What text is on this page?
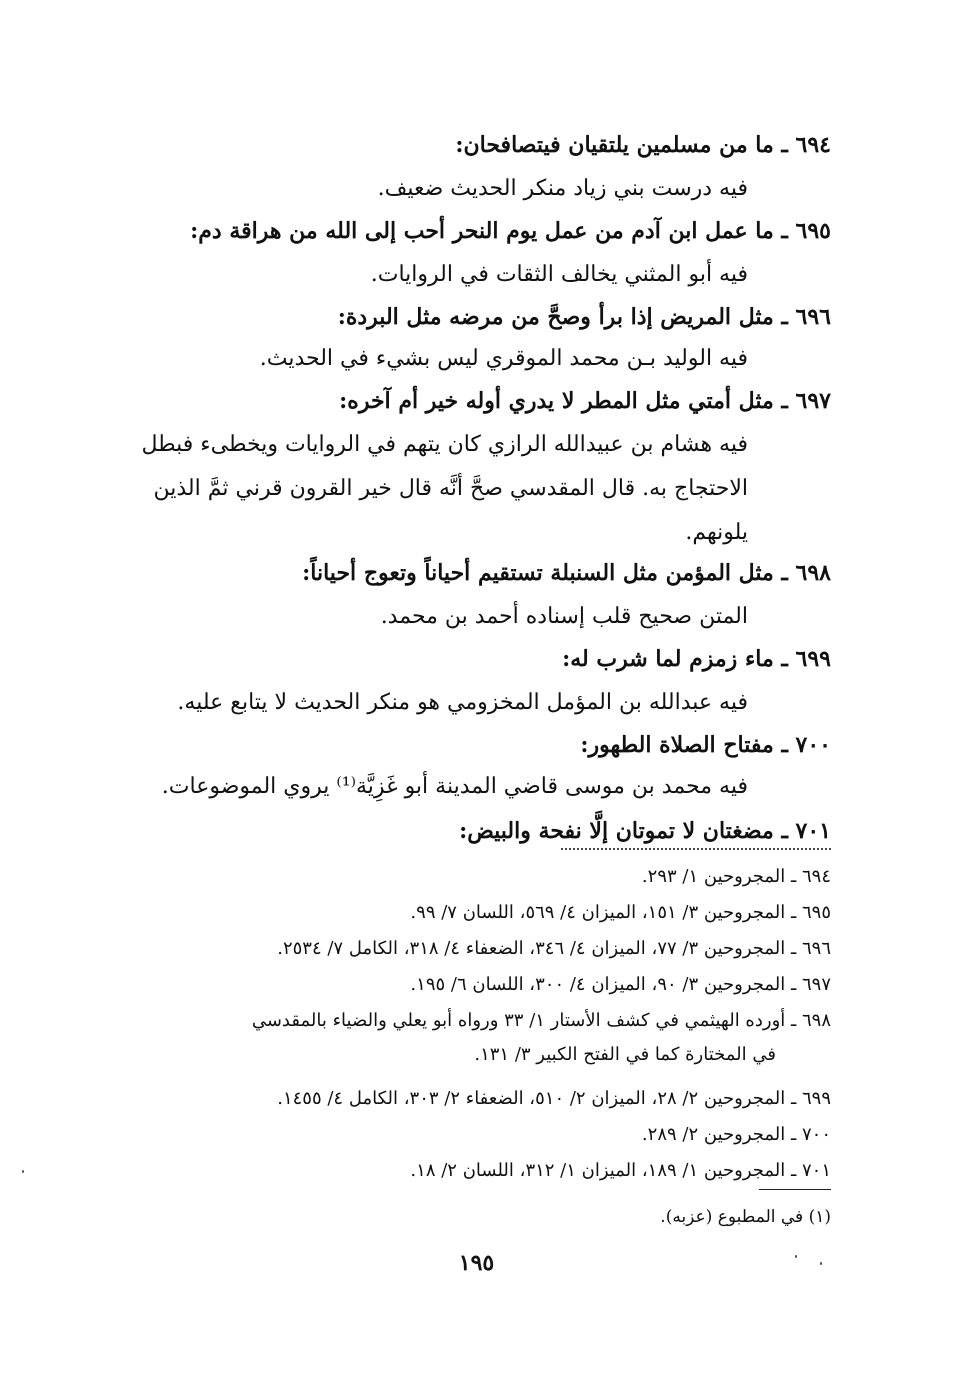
٦٩٤ ـ ما من مسلمين يلتقيان فيتصافحان:
فيه درست بني زياد منكر الحديث ضعيف.
٦٩٥ ـ ما عمل ابن آدم من عمل يوم النحر أحب إلى الله من هراقة دم:
فيه أبو المثني يخالف الثقات في الروايات.
٦٩٦ ـ مثل المريض إذا برأ وصحَّ من مرضه مثل البردة:
فيه الوليد بـن محمد الموقري ليس بشيء في الحديث.
٦٩٧ ـ مثل أمتي مثل المطر لا يدري أوله خير أم آخره:
فيه هشام بن عبيدالله الرازي كان يتهم في الروايات ويخطىء فبطل
الاحتجاج به. قال المقدسي صحَّ أنَّه قال خير القرون قرني ثمَّ الذين
يلونهم.
٦٩٨ ـ مثل المؤمن مثل السنبلة تستقيم أحياناً وتعوج أحياناً:
المتن صحيح قلب إسناده أحمد بن محمد.
٦٩٩ ـ ماء زمزم لما شرب له:
فيه عبدالله بن المؤمل المخزومي هو منكر الحديث لا يتابع عليه.
٧٠٠ ـ مفتاح الصلاة الطهور:
فيه محمد بن موسى قاضي المدينة أبو غَزِيَّة⁽¹⁾ يروي الموضوعات.
٧٠١ ـ مضغتان لا تموتان إلَّا نفحة والبيض:
٦٩٤ ـ المجروحين ١/ ٢٩٣.
٦٩٥ ـ المجروحين ٣/ ١٥١، الميزان ٤/ ٥٦٩، اللسان ٧/ ٩٩.
٦٩٦ ـ المجروحين ٣/ ٧٧، الميزان ٤/ ٣٤٦، الضعفاء ٤/ ٣١٨، الكامل ٧/ ٢٥٣٤.
٦٩٧ ـ المجروحين ٣/ ٩٠، الميزان ٤/ ٣٠٠، اللسان ٦/ ١٩٥.
٦٩٨ ـ أورده الهيثمي في كشف الأستار ١/ ٣٣ ورواه أبو يعلي والضياء بالمقدسي
في المختارة كما في الفتح الكبير ٣/ ١٣١.
٦٩٩ ـ المجروحين ٢/ ٢٨، الميزان ٢/ ٥١٠، الضعفاء ٢/ ٣٠٣، الكامل ٤/ ١٤٥٥.
٧٠٠ ـ المجروحين ٢/ ٢٨٩.
٧٠١ ـ المجروحين ١/ ١٨٩، الميزان ١/ ٣١٢، اللسان ٢/ ١٨.
(١) في المطبوع (عزبه).
١٩٥
